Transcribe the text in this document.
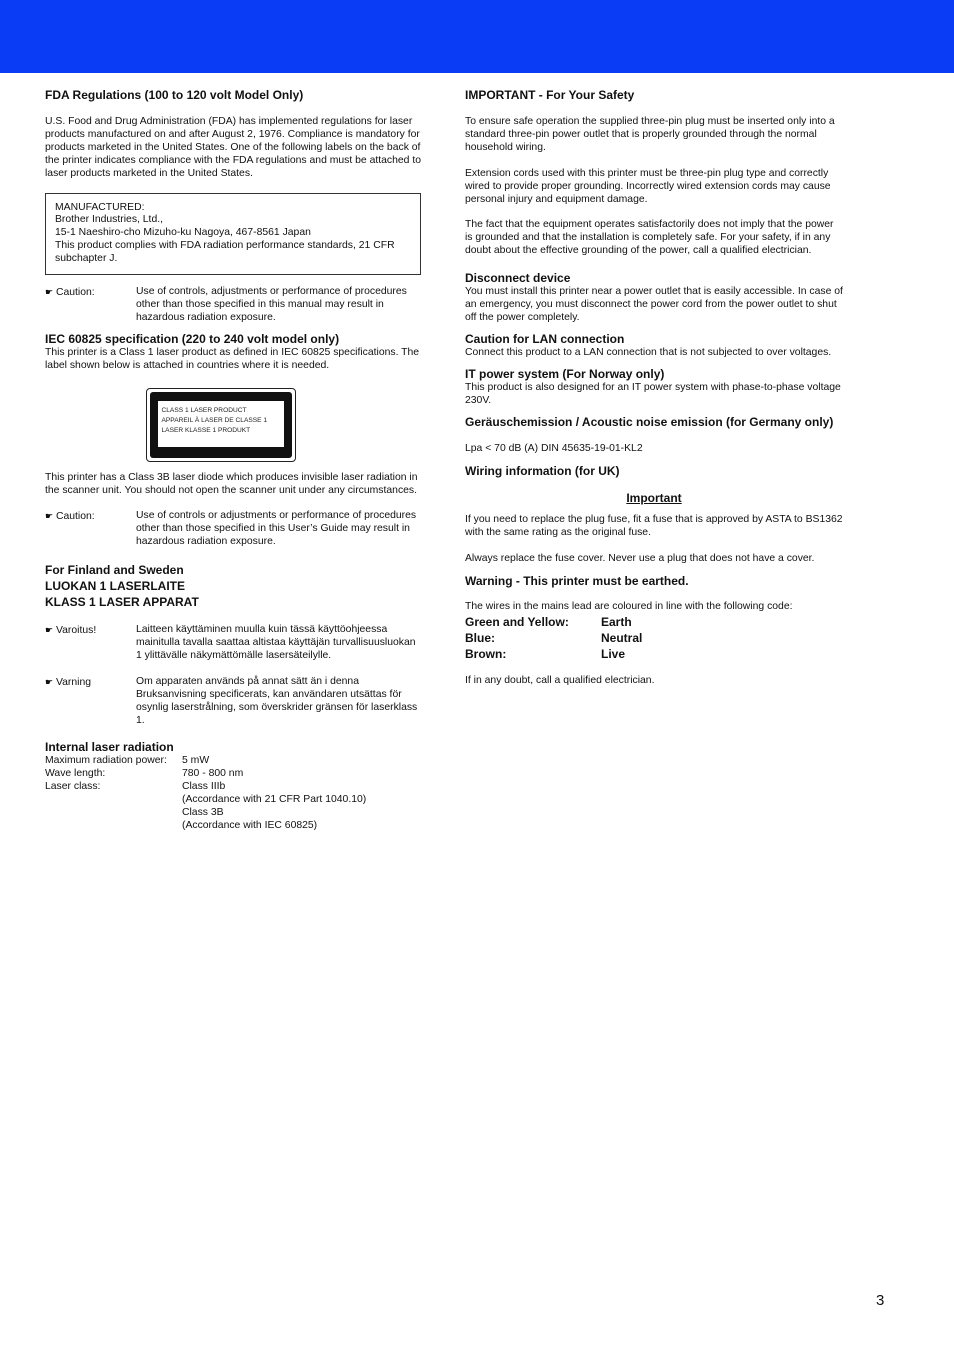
FDA Regulations (100 to 120 volt Model Only)

U.S. Food and Drug Administration (FDA) has implemented regulations for laser products manufactured on and after August 2, 1976. Compliance is mandatory for products marketed in the United States. One of the following labels on the back of the printer indicates compliance with the FDA regulations and must be attached to laser products marketed in the United States.

MANUFACTURED:
Brother Industries, Ltd.,
15-1 Naeshiro-cho Mizuho-ku Nagoya, 467-8561 Japan
This product complies with FDA radiation performance standards, 21 CFR subchapter J.
☛ Caution:	Use of controls, adjustments or performance of procedures other than those specified in this manual may result in hazardous radiation exposure.
IEC 60825 specification (220 to 240 volt model only)

This printer is a Class 1 laser product as defined in IEC 60825 specifications. The label shown below is attached in countries where it is needed.

CLASS 1 LASER PRODUCT
APPAREIL À LASER DE CLASSE 1
LASER KLASSE 1 PRODUKT

This printer has a Class 3B laser diode which produces invisible laser radiation in the scanner unit. You should not open the scanner unit under any circumstances.

☛ Caution:	Use of controls or adjustments or performance of procedures other than those specified in this User’s Guide may result in hazardous radiation exposure.
For Finland and Sweden
LUOKAN 1 LASERLAITE
KLASS 1 LASER APPARAT
☛ Varoitus!	Laitteen käyttäminen muulla kuin tässä käyttöohjeessa mainitulla tavalla saattaa altistaa käyttäjän turvallisuusluokan 1 ylittävälle näkymättömälle lasersäteilylle.
☛ Varning	Om apparaten används på annat sätt än i denna Bruksanvisning specificerats, kan användaren utsättas för osynlig laserstrålning, som överskrider gränsen för laserklass 1.
Internal laser radiation
Maximum radiation power:	5 mW
Wave length:	780 - 800 nm
Laser class:	Class IIIb
(Accordance with 21 CFR Part 1040.10)
Class 3B
(Accordance with IEC 60825)
IMPORTANT - For Your Safety

To ensure safe operation the supplied three-pin plug must be inserted only into a standard three-pin power outlet that is properly grounded through the normal household wiring.

Extension cords used with this printer must be three-pin plug type and correctly wired to provide proper grounding. Incorrectly wired extension cords may cause personal injury and equipment damage.

The fact that the equipment operates satisfactorily does not imply that the power is grounded and that the installation is completely safe. For your safety, if in any doubt about the effective grounding of the power, call a qualified electrician.

Disconnect device

You must install this printer near a power outlet that is easily accessible. In case of an emergency, you must disconnect the power cord from the power outlet to shut off the power completely.

Caution for LAN connection

Connect this product to a LAN connection that is not subjected to over voltages.

IT power system (For Norway only)

This product is also designed for an IT power system with phase-to-phase voltage 230V.

Geräuschemission / Acoustic noise emission (for Germany only)

Lpa < 70 dB (A) DIN 45635-19-01-KL2

Wiring information (for UK)
Important

If you need to replace the plug fuse, fit a fuse that is approved by ASTA to BS1362 with the same rating as the original fuse.

Always replace the fuse cover. Never use a plug that does not have a cover.

Warning - This printer must be earthed.

The wires in the mains lead are coloured in line with the following code:

Green and Yellow:	Earth
Blue:	Neutral
Brown:	Live

If in any doubt, call a qualified electrician.

3
